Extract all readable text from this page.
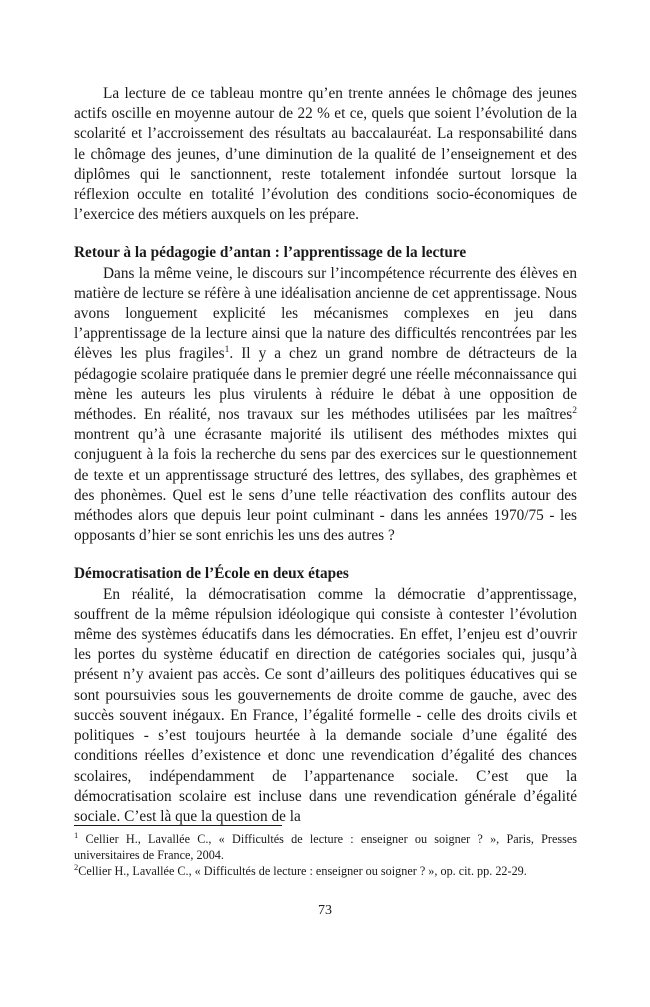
La lecture de ce tableau montre qu’en trente années le chômage des jeunes actifs oscille en moyenne autour de 22 % et ce, quels que soient l’évolution de la scolarité et l’accroissement des résultats au baccalauréat. La responsabilité dans le chômage des jeunes, d’une diminution de la qualité de l’enseignement et des diplômes qui le sanctionnent, reste totalement infondée surtout lorsque la réflexion occulte en totalité l’évolution des conditions socio-économiques de l’exercice des métiers auxquels on les prépare.

Retour à la pédagogie d’antan : l’apprentissage de la lecture

Dans la même veine, le discours sur l’incompétence récurrente des élèves en matière de lecture se réfère à une idéalisation ancienne de cet apprentissage. Nous avons longuement explicité les mécanismes complexes en jeu dans l’apprentissage de la lecture ainsi que la nature des difficultés rencontrées par les élèves les plus fragiles$^1$. Il y a chez un grand nombre de détracteurs de la pédagogie scolaire pratiquée dans le premier degré une réelle méconnaissance qui mène les auteurs les plus virulents à réduire le débat à une opposition de méthodes. En réalité, nos travaux sur les méthodes utilisées par les maîtres$^2$ montrent qu’à une écrasante majorité ils utilisent des méthodes mixtes qui conjuguent à la fois la recherche du sens par des exercices sur le questionnement de texte et un apprentissage structuré des lettres, des syllabes, des graphèmes et des phonèmes. Quel est le sens d’une telle réactivation des conflits autour des méthodes alors que depuis leur point culminant - dans les années 1970/75 - les opposants d’hier se sont enrichis les uns des autres ?

Démocratisation de l’École en deux étapes

En réalité, la démocratisation comme la démocratie d’apprentissage, souffrent de la même répulsion idéologique qui consiste à contester l’évolution même des systèmes éducatifs dans les démocraties. En effet, l’enjeu est d’ouvrir les portes du système éducatif en direction de catégories sociales qui, jusqu’à présent n’y avaient pas accès. Ce sont d’ailleurs des politiques éducatives qui se sont poursuivies sous les gouvernements de droite comme de gauche, avec des succès souvent inégaux. En France, l’égalité formelle - celle des droits civils et politiques - s’est toujours heurtée à la demande sociale d’une égalité des conditions réelles d’existence et donc une revendication d’égalité des chances scolaires, indépendamment de l’appartenance sociale. C’est que la démocratisation scolaire est incluse dans une revendication générale d’égalité sociale. C’est là que la question de la

$^1$ Cellier H., Lavallée C., « Difficultés de lecture : enseigner ou soigner ? », Paris, Presses universitaires de France, 2004.

$^2$Cellier H., Lavallée C., « Difficultés de lecture : enseigner ou soigner ? », op. cit. pp. 22-29.

73
